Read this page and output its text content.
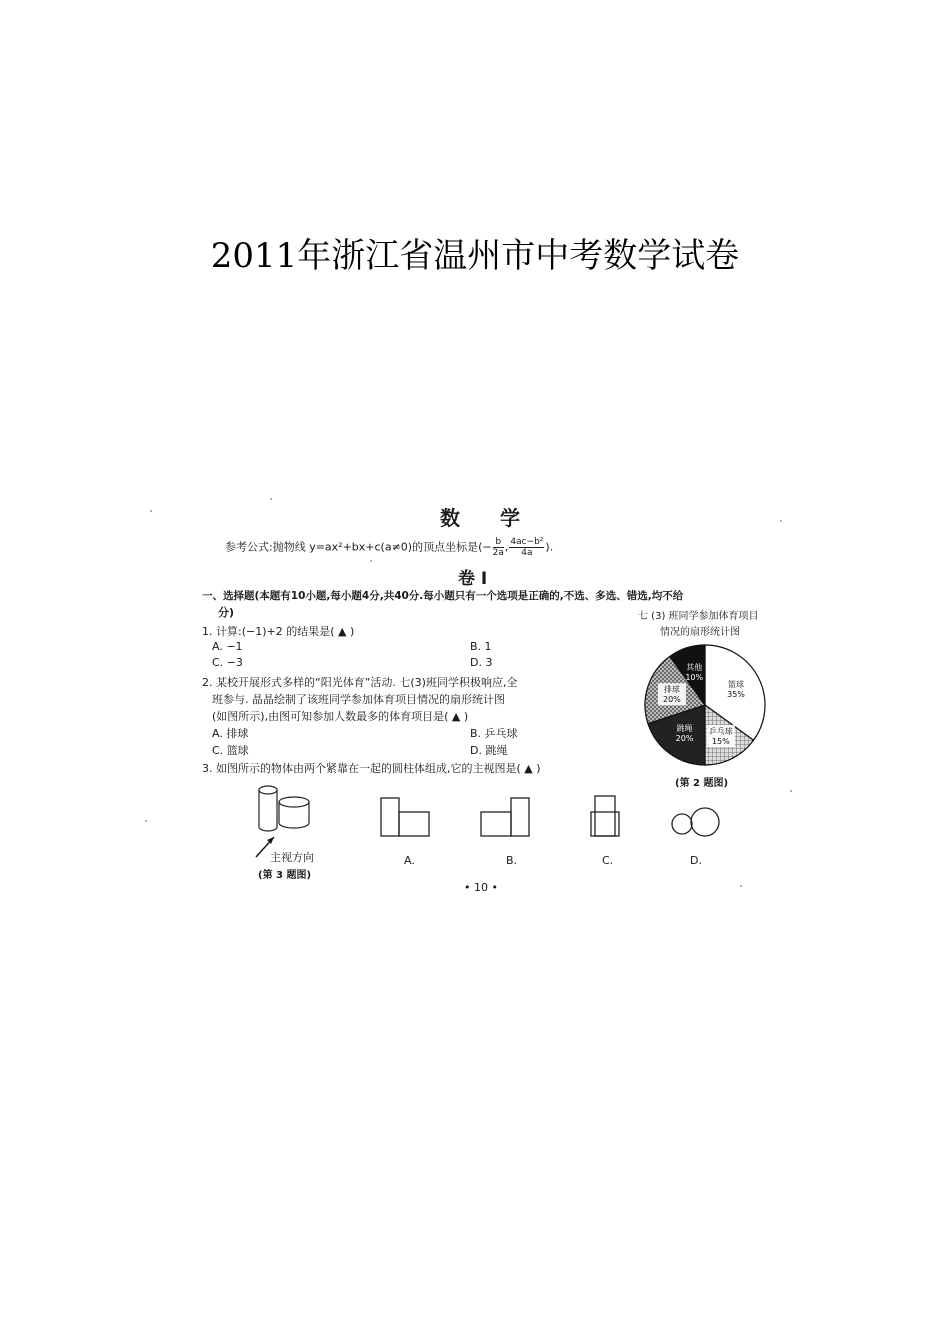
2011年浙江省温州市中考数学试卷
数学
参考公式:抛物线 y=ax²+bx+c(a≠0)的顶点坐标是(− $\frac{b}{2a}$ , $\frac{\text{4ac−b²}}{4a}$ ).
卷 Ⅰ
一、选择题(本题有10小题,每小题4分,共40分.每小题只有一个选项是正确的,不选、多选、错选,均不给
分)
1. 计算:(−1)+2 的结果是( ▲ )
A. −1	B. 1
C. −3	D. 3
2. 某校开展形式多样的“阳光体育”活动. 七(3)班同学积极响应,全
班参与. 晶晶绘制了该班同学参加体育项目情况的扇形统计图
(如图所示),由图可知参加人数最多的体育项目是( ▲ )
A. 排球	B. 乒乓球
C. 篮球	D. 跳绳
七 (3) 班同学参加体育项目
情况的扇形统计图
篮球
35%
乒乓球
15%
跳绳
20%
排球
20%
其他
10%
(第 2 题图)
3. 如图所示的物体由两个紧靠在一起的圆柱体组成,它的主视图是( ▲ )
主视方向
(第 3 题图)
A.	B.	C.	D.
• 10 •
